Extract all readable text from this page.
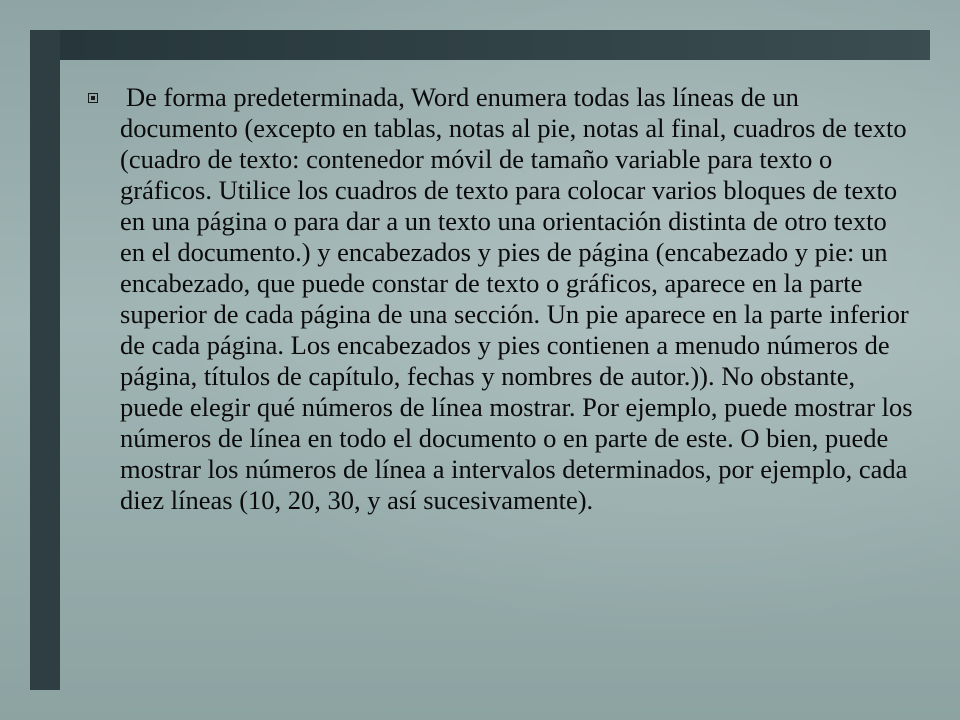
De forma predeterminada, Word enumera todas las líneas de un documento (excepto en tablas, notas al pie, notas al final, cuadros de texto (cuadro de texto: contenedor móvil de tamaño variable para texto o gráficos. Utilice los cuadros de texto para colocar varios bloques de texto en una página o para dar a un texto una orientación distinta de otro texto en el documento.) y encabezados y pies de página (encabezado y pie: un encabezado, que puede constar de texto o gráficos, aparece en la parte superior de cada página de una sección. Un pie aparece en la parte inferior de cada página. Los encabezados y pies contienen a menudo números de página, títulos de capítulo, fechas y nombres de autor.)). No obstante, puede elegir qué números de línea mostrar. Por ejemplo, puede mostrar los números de línea en todo el documento o en parte de este. O bien, puede mostrar los números de línea a intervalos determinados, por ejemplo, cada diez líneas (10, 20, 30, y así sucesivamente).
